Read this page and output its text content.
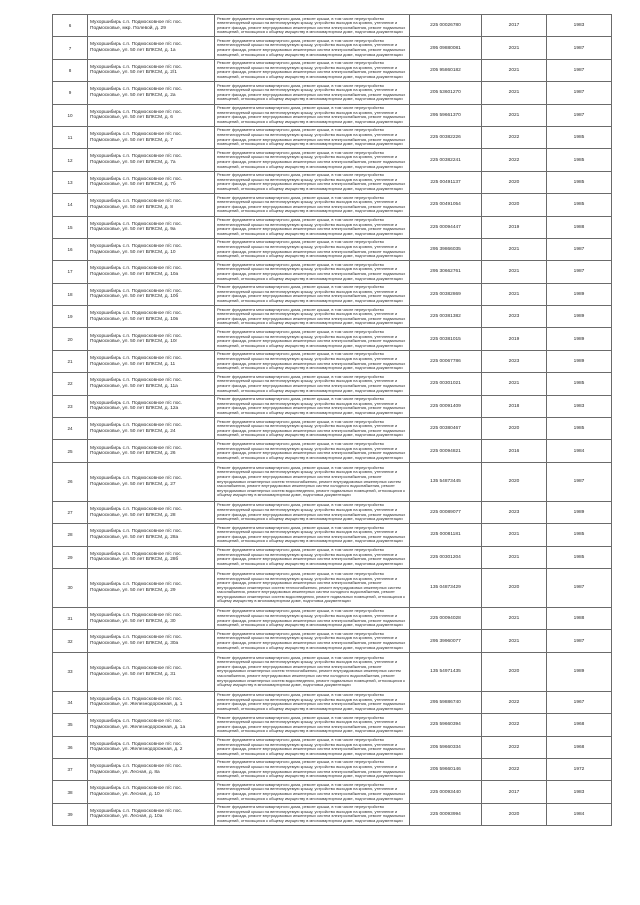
6	Мухоршибирь с.п. Подмосковное п/с пос. Подмосковье, мкр. Полевой, д. 29	Ремонт фундамента многоквартирного дома, ремонт крыши, в том числе переустройство невентилируемой крыши на вентилируемую крышу, устройство выходов на кровлю, утепление и ремонт фасада, ремонт внутридомовых инженерных систем электроснабжения, ремонт подвальных помещений, относящихся к общему имуществу в многоквартирном доме, подготовка документации	225 00026780	2017	1983
7	Мухоршибирь с.п. Подмосковное п/с пос. Подмосковье, ул. 50 лет ВЛКСМ, д. 1а	Ремонт фундамента многоквартирного дома, ремонт крыши, в том числе переустройство невентилируемой крыши на вентилируемую крышу, устройство выходов на кровлю, утепление и ремонт фасада, ремонт внутридомовых инженерных систем электроснабжения, ремонт подвальных помещений, относящихся к общему имуществу в многоквартирном доме, подготовка документации	295 09880081	2021	1987
8	Мухоршибирь с.п. Подмосковное п/с пос. Подмосковье, ул. 50 лет ВЛКСМ, д. 2/1	Ремонт фундамента многоквартирного дома, ремонт крыши, в том числе переустройство невентилируемой крыши на вентилируемую крышу, устройство выходов на кровлю, утепление и ремонт фасада, ремонт внутридомовых инженерных систем электроснабжения, ремонт подвальных помещений, относящихся к общему имуществу в многоквартирном доме, подготовка документации	205 95860182	2021	1987
9	Мухоршибирь с.п. Подмосковное п/с пос. Подмосковье, ул. 50 лет ВЛКСМ, д. 2а	Ремонт фундамента многоквартирного дома, ремонт крыши, в том числе переустройство невентилируемой крыши на вентилируемую крышу, устройство выходов на кровлю, утепление и ремонт фасада, ремонт внутридомовых инженерных систем электроснабжения, ремонт подвальных помещений, относящихся к общему имуществу в многоквартирном доме, подготовка документации	205 53601270	2021	1987
10	Мухоршибирь с.п. Подмосковное п/с пос. Подмосковье, ул. 50 лет ВЛКСМ, д. 6	Ремонт фундамента многоквартирного дома, ремонт крыши, в том числе переустройство невентилируемой крыши на вентилируемую крышу, устройство выходов на кровлю, утепление и ремонт фасада, ремонт внутридомовых инженерных систем электроснабжения, ремонт подвальных помещений, относящихся к общему имуществу в многоквартирном доме, подготовка документации	295 59661370	2021	1987
11	Мухоршибирь с.п. Подмосковное п/с пос. Подмосковье, ул. 50 лет ВЛКСМ, д. 7	Ремонт фундамента многоквартирного дома, ремонт крыши, в том числе переустройство невентилируемой крыши на вентилируемую крышу, устройство выходов на кровлю, утепление и ремонт фасада, ремонт внутридомовых инженерных систем электроснабжения, ремонт подвальных помещений, относящихся к общему имуществу в многоквартирном доме, подготовка документации	225 00382226	2022	1985
12	Мухоршибирь с.п. Подмосковное п/с пос. Подмосковье, ул. 50 лет ВЛКСМ, д. 7а	Ремонт фундамента многоквартирного дома, ремонт крыши, в том числе переустройство невентилируемой крыши на вентилируемую крышу, устройство выходов на кровлю, утепление и ремонт фасада, ремонт внутридомовых инженерных систем электроснабжения, ремонт подвальных помещений, относящихся к общему имуществу в многоквартирном доме, подготовка документации	225 00382241	2022	1985
13	Мухоршибирь с.п. Подмосковное п/с пос. Подмосковье, ул. 50 лет ВЛКСМ, д. 7б	Ремонт фундамента многоквартирного дома, ремонт крыши, в том числе переустройство невентилируемой крыши на вентилируемую крышу, устройство выходов на кровлю, утепление и ремонт фасада, ремонт внутридомовых инженерных систем электроснабжения, ремонт подвальных помещений, относящихся к общему имуществу в многоквартирном доме, подготовка документации	225 00491137	2020	1985
14	Мухоршибирь с.п. Подмосковное п/с пос. Подмосковье, ул. 50 лет ВЛКСМ, д. 8	Ремонт фундамента многоквартирного дома, ремонт крыши, в том числе переустройство невентилируемой крыши на вентилируемую крышу, устройство выходов на кровлю, утепление и ремонт фасада, ремонт внутридомовых инженерных систем электроснабжения, ремонт подвальных помещений, относящихся к общему имуществу в многоквартирном доме, подготовка документации	225 00491054	2020	1985
15	Мухоршибирь с.п. Подмосковное п/с пос. Подмосковье, ул. 50 лет ВЛКСМ, д. 9а	Ремонт фундамента многоквартирного дома, ремонт крыши, в том числе переустройство невентилируемой крыши на вентилируемую крышу, устройство выходов на кровлю, утепление и ремонт фасада, ремонт внутридомовых инженерных систем электроснабжения, ремонт подвальных помещений, относящихся к общему имуществу в многоквартирном доме, подготовка документации	225 00094447	2019	1988
16	Мухоршибирь с.п. Подмосковное п/с пос. Подмосковье, ул. 50 лет ВЛКСМ, д. 10	Ремонт фундамента многоквартирного дома, ремонт крыши, в том числе переустройство невентилируемой крыши на вентилируемую крышу, устройство выходов на кровлю, утепление и ремонт фасада, ремонт внутридомовых инженерных систем электроснабжения, ремонт подвальных помещений, относящихся к общему имуществу в многоквартирном доме, подготовка документации	295 39866035	2021	1987
17	Мухоршибирь с.п. Подмосковное п/с пос. Подмосковье, ул. 50 лет ВЛКСМ, д. 10а	Ремонт фундамента многоквартирного дома, ремонт крыши, в том числе переустройство невентилируемой крыши на вентилируемую крышу, устройство выходов на кровлю, утепление и ремонт фасада, ремонт внутридомовых инженерных систем электроснабжения, ремонт подвальных помещений, относящихся к общему имуществу в многоквартирном доме, подготовка документации	295 30662761	2021	1987
18	Мухоршибирь с.п. Подмосковное п/с пос. Подмосковье, ул. 50 лет ВЛКСМ, д. 10б	Ремонт фундамента многоквартирного дома, ремонт крыши, в том числе переустройство невентилируемой крыши на вентилируемую крышу, устройство выходов на кровлю, утепление и ремонт фасада, ремонт внутридомовых инженерных систем электроснабжения, ремонт подвальных помещений, относящихся к общему имуществу в многоквартирном доме, подготовка документации	225 00382869	2021	1989
19	Мухоршибирь с.п. Подмосковное п/с пос. Подмосковье, ул. 50 лет ВЛКСМ, д. 10в	Ремонт фундамента многоквартирного дома, ремонт крыши, в том числе переустройство невентилируемой крыши на вентилируемую крышу, устройство выходов на кровлю, утепление и ремонт фасада, ремонт внутридомовых инженерных систем электроснабжения, ремонт подвальных помещений, относящихся к общему имуществу в многоквартирном доме, подготовка документации	225 00381382	2023	1989
20	Мухоршибирь с.п. Подмосковное п/с пос. Подмосковье, ул. 50 лет ВЛКСМ, д. 10г	Ремонт фундамента многоквартирного дома, ремонт крыши, в том числе переустройство невентилируемой крыши на вентилируемую крышу, устройство выходов на кровлю, утепление и ремонт фасада, ремонт внутридомовых инженерных систем электроснабжения, ремонт подвальных помещений, относящихся к общему имуществу в многоквартирном доме, подготовка документации	225 00381015	2019	1989
21	Мухоршибирь с.п. Подмосковное п/с пос. Подмосковье, ул. 50 лет ВЛКСМ, д. 11	Ремонт фундамента многоквартирного дома, ремонт крыши, в том числе переустройство невентилируемой крыши на вентилируемую крышу, устройство выходов на кровлю, утепление и ремонт фасада, ремонт внутридомовых инженерных систем электроснабжения, ремонт подвальных помещений, относящихся к общему имуществу в многоквартирном доме, подготовка документации	225 00067786	2023	1989
22	Мухоршибирь с.п. Подмосковное п/с пос. Подмосковье, ул. 50 лет ВЛКСМ, д. 11а	Ремонт фундамента многоквартирного дома, ремонт крыши, в том числе переустройство невентилируемой крыши на вентилируемую крышу, устройство выходов на кровлю, утепление и ремонт фасада, ремонт внутридомовых инженерных систем электроснабжения, ремонт подвальных помещений, относящихся к общему имуществу в многоквартирном доме, подготовка документации	225 00301021	2021	1985
23	Мухоршибирь с.п. Подмосковное п/с пос. Подмосковье, ул. 50 лет ВЛКСМ, д. 12а	Ремонт фундамента многоквартирного дома, ремонт крыши, в том числе переустройство невентилируемой крыши на вентилируемую крышу, устройство выходов на кровлю, утепление и ремонт фасада, ремонт внутридомовых инженерных систем электроснабжения, ремонт подвальных помещений, относящихся к общему имуществу в многоквартирном доме, подготовка документации	225 00091409	2018	1983
24	Мухоршибирь с.п. Подмосковное п/с пос. Подмосковье, ул. 50 лет ВЛКСМ, д. 24	Ремонт фундамента многоквартирного дома, ремонт крыши, в том числе переустройство невентилируемой крыши на вентилируемую крышу, устройство выходов на кровлю, утепление и ремонт фасада, ремонт внутридомовых инженерных систем электроснабжения, ремонт подвальных помещений, относящихся к общему имуществу в многоквартирном доме, подготовка документации	225 00380467	2020	1985
25	Мухоршибирь с.п. Подмосковное п/с пос. Подмосковье, ул. 50 лет ВЛКСМ, д. 26	Ремонт фундамента многоквартирного дома, ремонт крыши, в том числе переустройство невентилируемой крыши на вентилируемую крышу, устройство выходов на кровлю, утепление и ремонт фасада, ремонт внутридомовых инженерных систем электроснабжения, ремонт подвальных помещений, относящихся к общему имуществу в многоквартирном доме, подготовка документации	225 00094821	2016	1984
26	Мухоршибирь с.п. Подмосковное п/с пос. Подмосковье, ул. 50 лет ВЛКСМ, д. 27	Ремонт фундамента многоквартирного дома, ремонт крыши, в том числе переустройство невентилируемой крыши на вентилируемую крышу, устройство выходов на кровлю, утепление и ремонт фасада, ремонт внутридомовых инженерных систем электроснабжения, ремонт внутридомовых инженерных систем теплоснабжения, ремонт внутридомовых инженерных систем газоснабжения, ремонт внутридомовых инженерных систем холодного водоснабжения, ремонт внутридомовых инженерных систем водоотведения, ремонт подвальных помещений, относящихся к общему имуществу в многоквартирном доме, подготовка документации	135 54873445	2020	1987
27	Мухоршибирь с.п. Подмосковное п/с пос. Подмосковье, ул. 50 лет ВЛКСМ, д. 28	Ремонт фундамента многоквартирного дома, ремонт крыши, в том числе переустройство невентилируемой крыши на вентилируемую крышу, устройство выходов на кровлю, утепление и ремонт фасада, ремонт внутридомовых инженерных систем электроснабжения, ремонт подвальных помещений, относящихся к общему имуществу в многоквартирном доме, подготовка документации	225 00089077	2023	1989
28	Мухоршибирь с.п. Подмосковное п/с пос. Подмосковье, ул. 50 лет ВЛКСМ, д. 28а	Ремонт фундамента многоквартирного дома, ремонт крыши, в том числе переустройство невентилируемой крыши на вентилируемую крышу, устройство выходов на кровлю, утепление и ремонт фасада, ремонт внутридомовых инженерных систем электроснабжения, ремонт подвальных помещений, относящихся к общему имуществу в многоквартирном доме, подготовка документации	225 00081181	2021	1985
29	Мухоршибирь с.п. Подмосковное п/с пос. Подмосковье, ул. 50 лет ВЛКСМ, д. 28б	Ремонт фундамента многоквартирного дома, ремонт крыши, в том числе переустройство невентилируемой крыши на вентилируемую крышу, устройство выходов на кровлю, утепление и ремонт фасада, ремонт внутридомовых инженерных систем электроснабжения, ремонт подвальных помещений, относящихся к общему имуществу в многоквартирном доме, подготовка документации	225 00301204	2021	1985
30	Мухоршибирь с.п. Подмосковное п/с пос. Подмосковье, ул. 50 лет ВЛКСМ, д. 29	Ремонт фундамента многоквартирного дома, ремонт крыши, в том числе переустройство невентилируемой крыши на вентилируемую крышу, устройство выходов на кровлю, утепление и ремонт фасада, ремонт внутридомовых инженерных систем электроснабжения, ремонт внутридомовых инженерных систем теплоснабжения, ремонт внутридомовых инженерных систем газоснабжения, ремонт внутридомовых инженерных систем холодного водоснабжения, ремонт внутридомовых инженерных систем водоотведения, ремонт подвальных помещений, относящихся к общему имуществу в многоквартирном доме, подготовка документации	135 04873429	2020	1987
31	Мухоршибирь с.п. Подмосковное п/с пос. Подмосковье, ул. 50 лет ВЛКСМ, д. 30	Ремонт фундамента многоквартирного дома, ремонт крыши, в том числе переустройство невентилируемой крыши на вентилируемую крышу, устройство выходов на кровлю, утепление и ремонт фасада, ремонт внутридомовых инженерных систем электроснабжения, ремонт подвальных помещений, относящихся к общему имуществу в многоквартирном доме, подготовка документации	225 00094028	2021	1988
32	Мухоршибирь с.п. Подмосковное п/с пос. Подмосковье, ул. 50 лет ВЛКСМ, д. 30а	Ремонт фундамента многоквартирного дома, ремонт крыши, в том числе переустройство невентилируемой крыши на вентилируемую крышу, устройство выходов на кровлю, утепление и ремонт фасада, ремонт внутридомовых инженерных систем электроснабжения, ремонт подвальных помещений, относящихся к общему имуществу в многоквартирном доме, подготовка документации	295 39960077	2021	1987
33	Мухоршибирь с.п. Подмосковное п/с пос. Подмосковье, ул. 50 лет ВЛКСМ, д. 31	Ремонт фундамента многоквартирного дома, ремонт крыши, в том числе переустройство невентилируемой крыши на вентилируемую крышу, устройство выходов на кровлю, утепление и ремонт фасада, ремонт внутридомовых инженерных систем электроснабжения, ремонт внутридомовых инженерных систем теплоснабжения, ремонт внутридомовых инженерных систем газоснабжения, ремонт внутридомовых инженерных систем холодного водоснабжения, ремонт внутридомовых инженерных систем водоотведения, ремонт подвальных помещений, относящихся к общему имуществу в многоквартирном доме, подготовка документации	135 54971435	2020	1989
34	Мухоршибирь с.п. Подмосковное п/с пос. Подмосковье, ул. Железнодорожная, д. 1	Ремонт фундамента многоквартирного дома, ремонт крыши, в том числе переустройство невентилируемой крыши на вентилируемую крышу, устройство выходов на кровлю, утепление и ремонт фасада, ремонт внутридомовых инженерных систем электроснабжения, ремонт подвальных помещений, относящихся к общему имуществу в многоквартирном доме, подготовка документации	295 59886740	2022	1967
35	Мухоршибирь с.п. Подмосковное п/с пос. Подмосковье, ул. Железнодорожная, д. 1а	Ремонт фундамента многоквартирного дома, ремонт крыши, в том числе переустройство невентилируемой крыши на вентилируемую крышу, устройство выходов на кровлю, утепление и ремонт фасада, ремонт внутридомовых инженерных систем электроснабжения, ремонт подвальных помещений, относящихся к общему имуществу в многоквартирном доме, подготовка документации	225 59660394	2022	1968
36	Мухоршибирь с.п. Подмосковное п/с пос. Подмосковье, ул. Железнодорожная, д. 2	Ремонт фундамента многоквартирного дома, ремонт крыши, в том числе переустройство невентилируемой крыши на вентилируемую крышу, устройство выходов на кровлю, утепление и ремонт фасада, ремонт внутридомовых инженерных систем электроснабжения, ремонт подвальных помещений, относящихся к общему имуществу в многоквартирном доме, подготовка документации	205 59660334	2022	1968
37	Мухоршибирь с.п. Подмосковное п/с пос. Подмосковье, ул. Лесная, д. 8а	Ремонт фундамента многоквартирного дома, ремонт крыши, в том числе переустройство невентилируемой крыши на вентилируемую крышу, устройство выходов на кровлю, утепление и ремонт фасада, ремонт внутридомовых инженерных систем электроснабжения, ремонт подвальных помещений, относящихся к общему имуществу в многоквартирном доме, подготовка документации	205 59660146	2022	1972
38	Мухоршибирь с.п. Подмосковное п/с пос. Подмосковье, ул. Лесная, д. 10	Ремонт фундамента многоквартирного дома, ремонт крыши, в том числе переустройство невентилируемой крыши на вентилируемую крышу, устройство выходов на кровлю, утепление и ремонт фасада, ремонт внутридомовых инженерных систем электроснабжения, ремонт подвальных помещений, относящихся к общему имуществу в многоквартирном доме, подготовка документации	225 00093440	2017	1983
39	Мухоршибирь с.п. Подмосковное п/с пос. Подмосковье, ул. Лесная, д. 10а	Ремонт фундамента многоквартирного дома, ремонт крыши, в том числе переустройство невентилируемой крыши на вентилируемую крышу, устройство выходов на кровлю, утепление и ремонт фасада, ремонт внутридомовых инженерных систем электроснабжения, ремонт подвальных помещений, относящихся к общему имуществу в многоквартирном доме, подготовка документации	225 00093994	2020	1984
